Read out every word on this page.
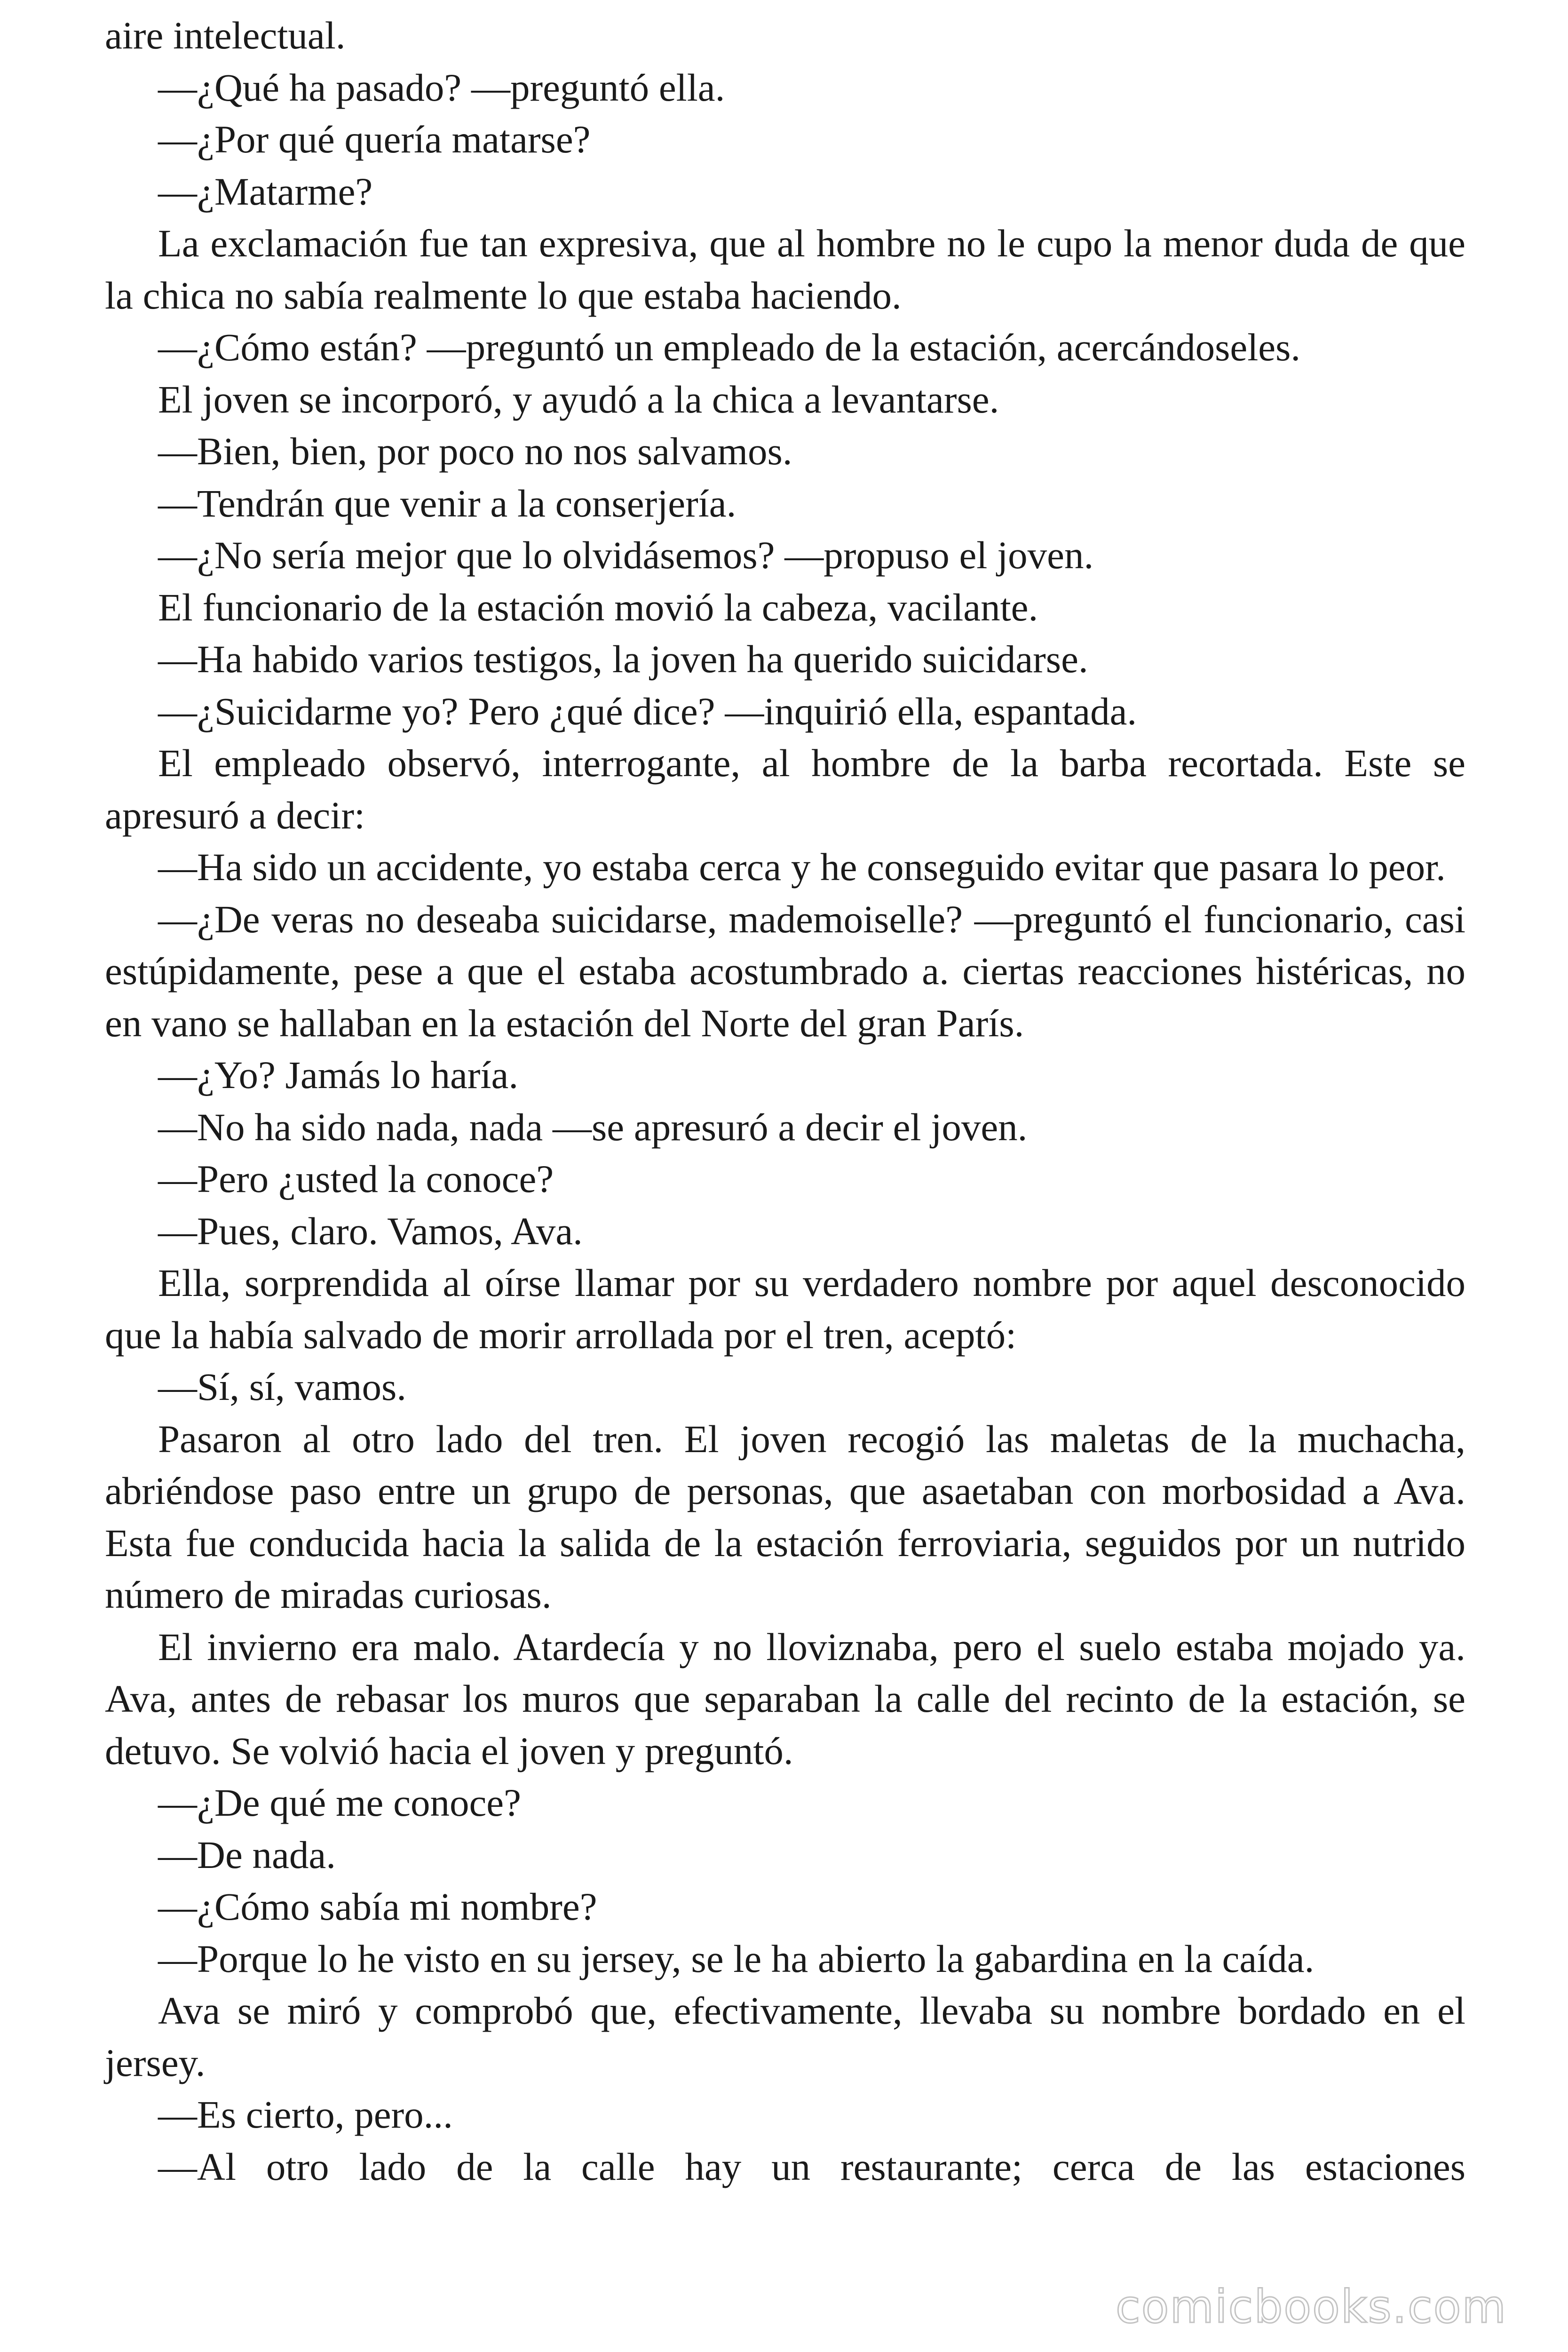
aire intelectual.

—¿Qué ha pasado? —preguntó ella.

—¿Por qué quería matarse?

—¿Matarme?

La exclamación fue tan expresiva, que al hombre no le cupo la menor duda de que la chica no sabía realmente lo que estaba haciendo.

—¿Cómo están? —preguntó un empleado de la estación, acercándoseles.

El joven se incorporó, y ayudó a la chica a levantarse.

—Bien, bien, por poco no nos salvamos.

—Tendrán que venir a la conserjería.

—¿No sería mejor que lo olvidásemos? —propuso el joven.

El funcionario de la estación movió la cabeza, vacilante.

—Ha habido varios testigos, la joven ha querido suicidarse.

—¿Suicidarme yo? Pero ¿qué dice? —inquirió ella, espantada.

El empleado observó, interrogante, al hombre de la barba recortada. Este se apresuró a decir:

—Ha sido un accidente, yo estaba cerca y he conseguido evitar que pasara lo peor.

—¿De veras no deseaba suicidarse, mademoiselle? —preguntó el funcionario, casi estúpidamente, pese a que el estaba acostumbrado a. ciertas reacciones histéricas, no en vano se hallaban en la estación del Norte del gran París.

—¿Yo? Jamás lo haría.

—No ha sido nada, nada —se apresuró a decir el joven.

—Pero ¿usted la conoce?

—Pues, claro. Vamos, Ava.

Ella, sorprendida al oírse llamar por su verdadero nombre por aquel desconocido que la había salvado de morir arrollada por el tren, aceptó:

—Sí, sí, vamos.

Pasaron al otro lado del tren. El joven recogió las maletas de la muchacha, abriéndose paso entre un grupo de personas, que asaetaban con morbosidad a Ava. Esta fue conducida hacia la salida de la estación ferroviaria, seguidos por un nutrido número de miradas curiosas.

El invierno era malo. Atardecía y no lloviznaba, pero el suelo estaba mojado ya. Ava, antes de rebasar los muros que separaban la calle del recinto de la estación, se detuvo. Se volvió hacia el joven y preguntó.

—¿De qué me conoce?

—De nada.

—¿Cómo sabía mi nombre?

—Porque lo he visto en su jersey, se le ha abierto la gabardina en la caída.

Ava se miró y comprobó que, efectivamente, llevaba su nombre bordado en el jersey.

—Es cierto, pero...

—Al otro lado de la calle hay un restaurante; cerca de las estaciones

comicbooks.com
